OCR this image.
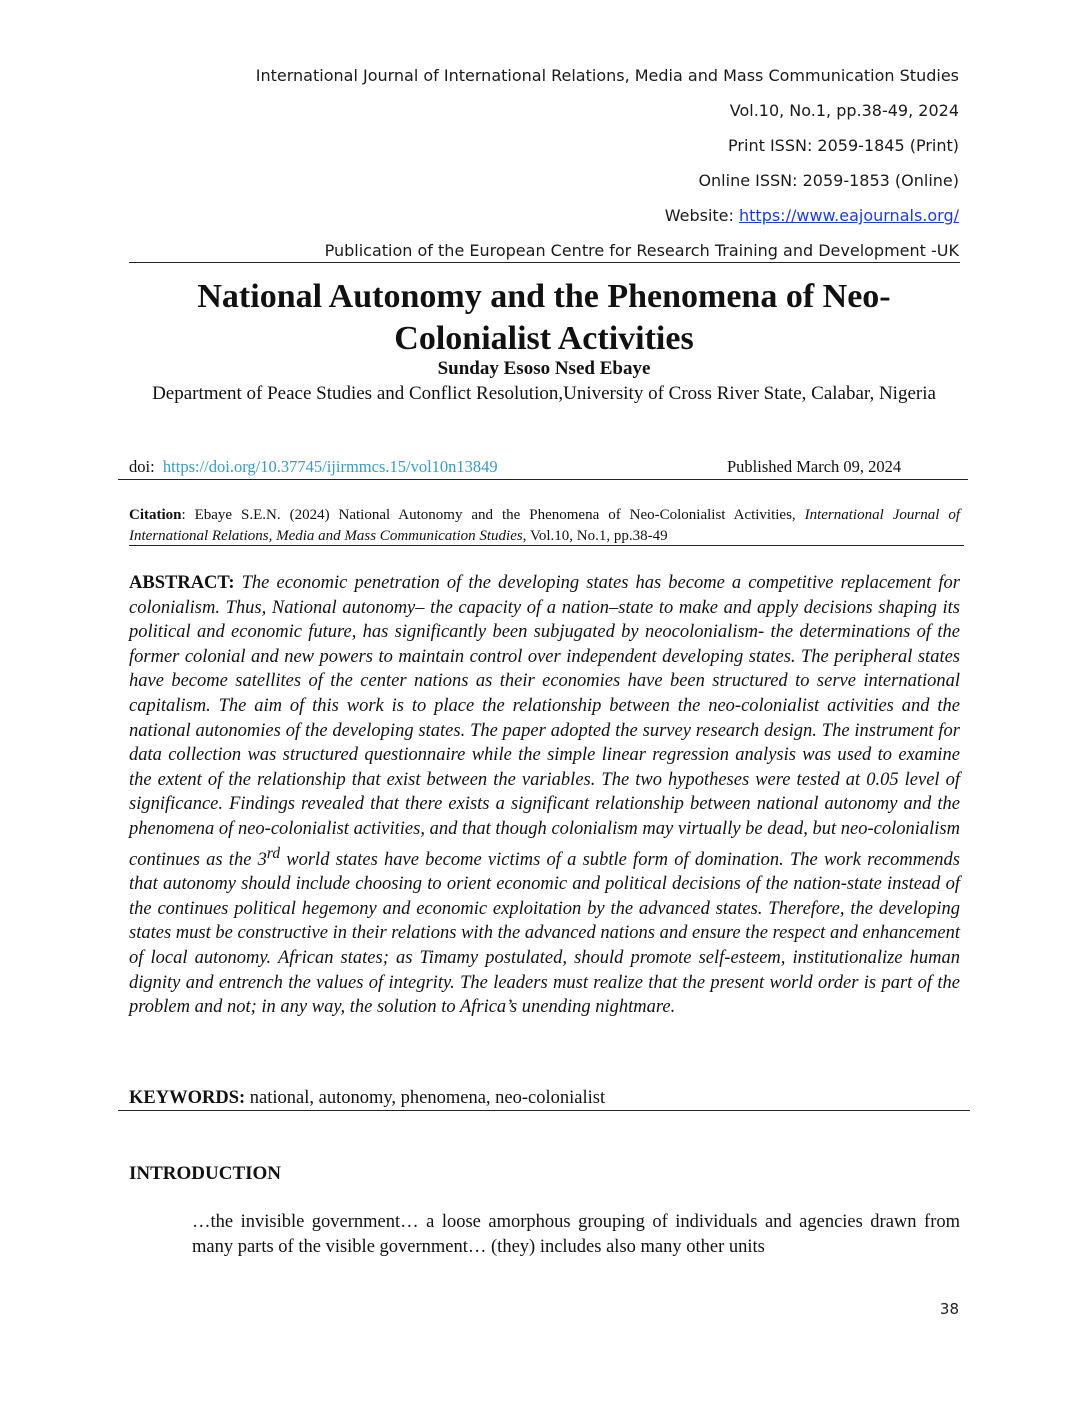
International Journal of International Relations, Media and Mass Communication Studies
Vol.10, No.1, pp.38-49, 2024
Print ISSN: 2059-1845 (Print)
Online ISSN: 2059-1853 (Online)
Website: https://www.eajournals.org/
Publication of the European Centre for Research Training and Development -UK
National Autonomy and the Phenomena of Neo-Colonialist Activities
Sunday Esoso Nsed Ebaye
Department of Peace Studies and Conflict Resolution,University of Cross River State, Calabar, Nigeria
doi: https://doi.org/10.37745/ijirmmcs.15/vol10n13849	Published March 09, 2024
Citation: Ebaye S.E.N. (2024) National Autonomy and the Phenomena of Neo-Colonialist Activities, International Journal of International Relations, Media and Mass Communication Studies, Vol.10, No.1, pp.38-49
ABSTRACT: The economic penetration of the developing states has become a competitive replacement for colonialism. Thus, National autonomy– the capacity of a nation–state to make and apply decisions shaping its political and economic future, has significantly been subjugated by neocolonialism- the determinations of the former colonial and new powers to maintain control over independent developing states. The peripheral states have become satellites of the center nations as their economies have been structured to serve international capitalism. The aim of this work is to place the relationship between the neo-colonialist activities and the national autonomies of the developing states. The paper adopted the survey research design. The instrument for data collection was structured questionnaire while the simple linear regression analysis was used to examine the extent of the relationship that exist between the variables. The two hypotheses were tested at 0.05 level of significance. Findings revealed that there exists a significant relationship between national autonomy and the phenomena of neo-colonialist activities, and that though colonialism may virtually be dead, but neo-colonialism continues as the 3rd world states have become victims of a subtle form of domination. The work recommends that autonomy should include choosing to orient economic and political decisions of the nation-state instead of the continues political hegemony and economic exploitation by the advanced states. Therefore, the developing states must be constructive in their relations with the advanced nations and ensure the respect and enhancement of local autonomy. African states; as Timamy postulated, should promote self-esteem, institutionalize human dignity and entrench the values of integrity. The leaders must realize that the present world order is part of the problem and not; in any way, the solution to Africa’s unending nightmare.
KEYWORDS: national, autonomy, phenomena, neo-colonialist
INTRODUCTION
…the invisible government… a loose amorphous grouping of individuals and agencies drawn from many parts of the visible government… (they) includes also many other units
38
